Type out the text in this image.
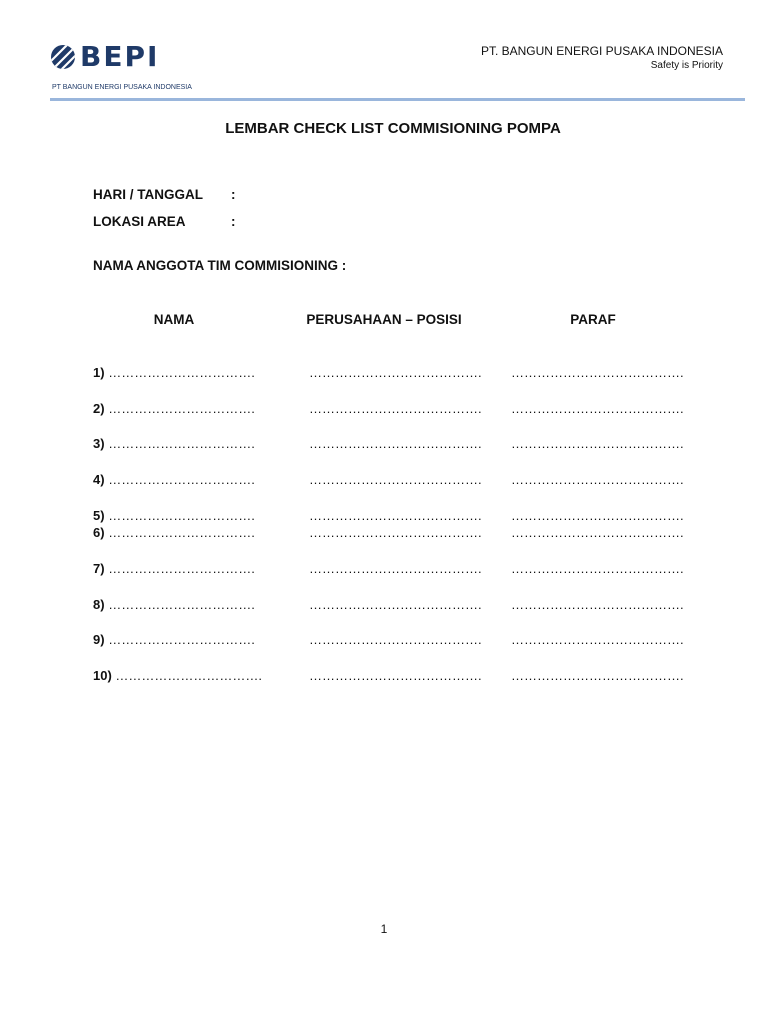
BEPI
PT BANGUN ENERGI PUSAKA INDONESIA
PT. BANGUN ENERGI PUSAKA INDONESIA
Safety is Priority
LEMBAR CHECK LIST COMMISIONING POMPA
HARI / TANGGAL	:
LOKASI AREA	:
NAMA ANGGOTA TIM COMMISIONING :
NAMA	PERUSAHAAN – POSISI	PARAF
1) …………………………….	…………………………………. ………………………………….
2) …………………………….	…………………………………. ………………………………….
3) …………………………….	…………………………………. ………………………………….
4) …………………………….	…………………………………. ………………………………….
5) …………………………….	…………………………………. ………………………………….
6) …………………………….	…………………………………. ………………………………….
7) …………………………….	…………………………………. ………………………………….
8) …………………………….	…………………………………. ………………………………….
9) …………………………….	…………………………………. ………………………………….
10) …………………………….	…………………………………. ………………………………….
1
